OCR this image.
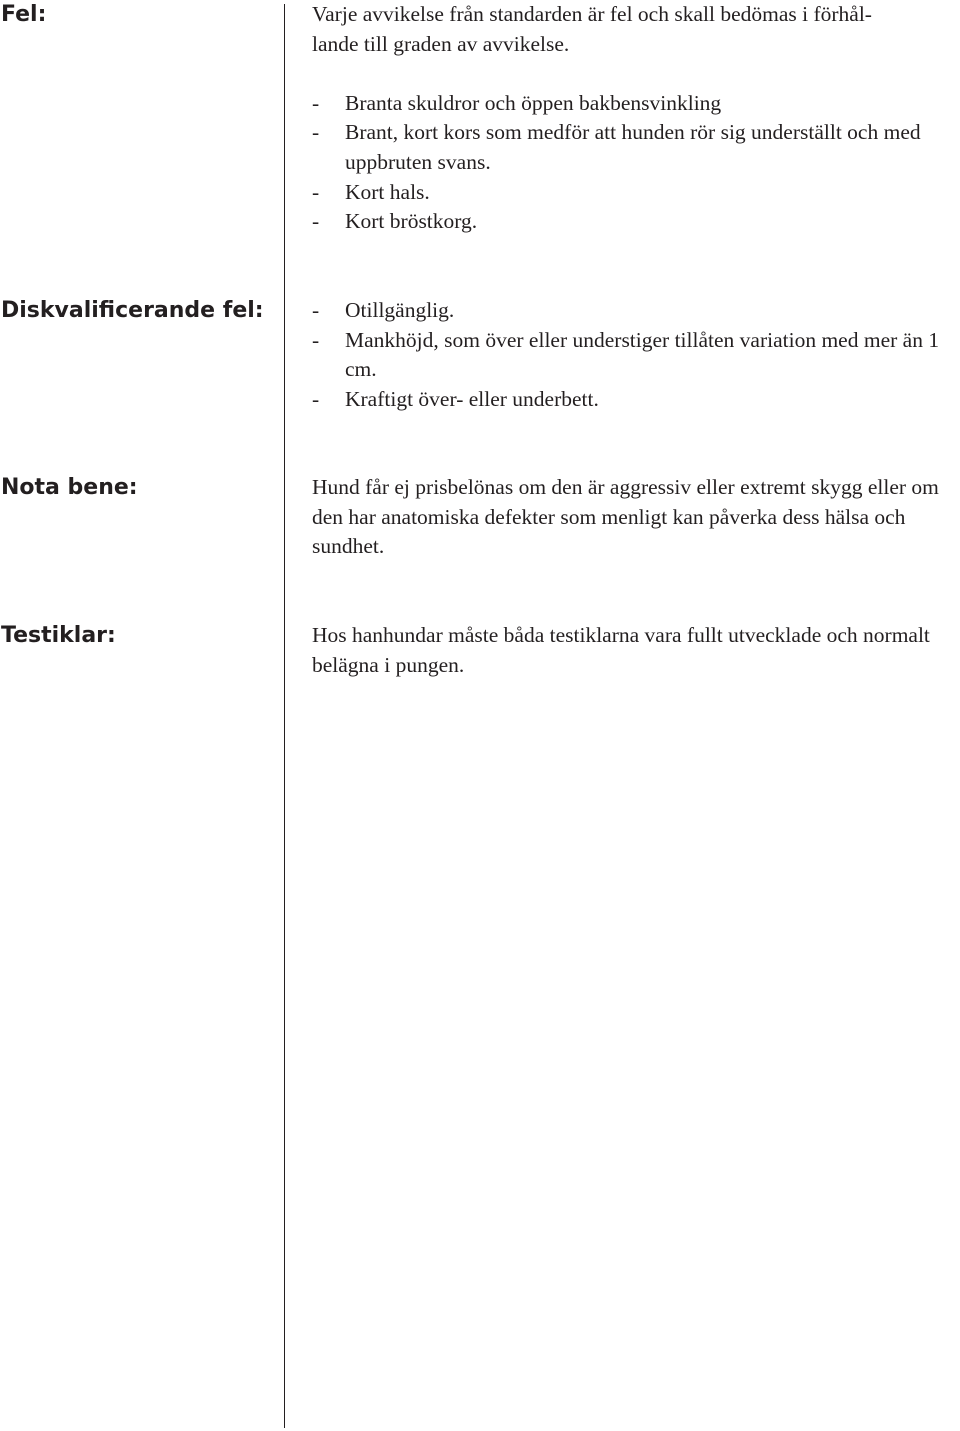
Fel:	Varje avvikelse från standarden är fel och skall bedömas i förhål-

lande till graden av avvikelse.

- Branta skuldror och öppen bakbensvinkling
- Brant, kort kors som medför att hunden rör sig underställt och med uppbruten svans.
- Kort hals.
- Kort bröstkorg.
Diskvalificerande fel: - Otillgänglig.
- Mankhöjd, som över eller understiger tillåten variation med mer än 1 cm.
- Kraftigt över- eller underbett.
Nota bene:	Hund får ej prisbelönas om den är aggressiv eller extremt skygg eller om den har anatomiska defekter som menligt kan påverka dess hälsa och sundhet.

Testiklar:	Hos hanhundar måste båda testiklarna vara fullt utvecklade och normalt belägna i pungen.
